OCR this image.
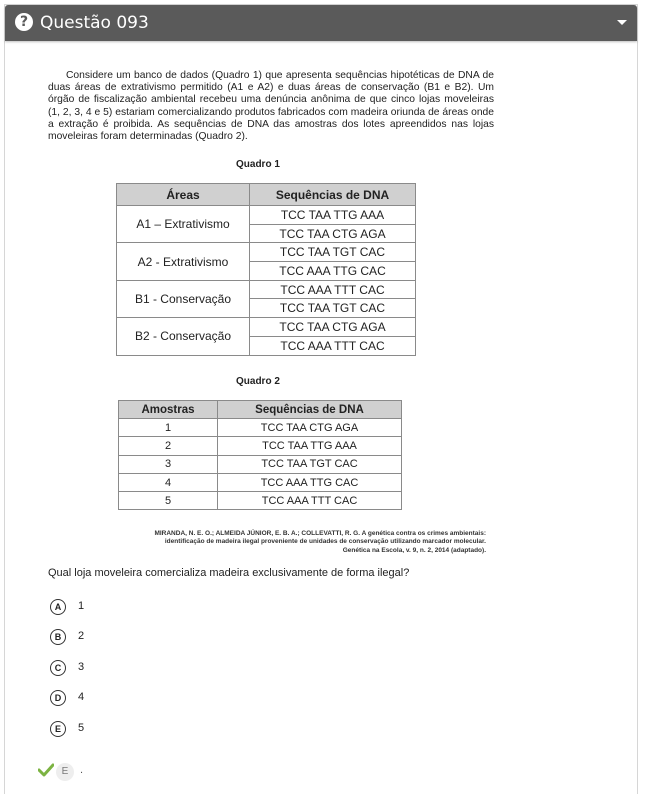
? Questão 093

Considere um banco de dados (Quadro 1) que apresenta sequências hipotéticas de DNA de duas áreas de extrativismo permitido (A1 e A2) e duas áreas de conservação (B1 e B2). Um órgão de fiscalização ambiental recebeu uma denúncia anônima de que cinco lojas moveleiras (1, 2, 3, 4 e 5) estariam comercializando produtos fabricados com madeira oriunda de áreas onde a extração é proibida. As sequências de DNA das amostras dos lotes apreendidos nas lojas moveleiras foram determinadas (Quadro 2).

Quadro 1
Áreas	Sequências de DNA
A1 – Extrativismo	TCC TAA TTG AAA
	TCC TAA CTG AGA
A2 - Extrativismo	TCC TAA TGT CAC
	TCC AAA TTG CAC
B1 - Conservação	TCC AAA TTT CAC
	TCC TAA TGT CAC
B2 - Conservação	TCC TAA CTG AGA
	TCC AAA TTT CAC
Quadro 2
Amostras	Sequências de DNA
1	TCC TAA CTG AGA
2	TCC TAA TTG AAA
3	TCC TAA TGT CAC
4	TCC AAA TTG CAC
5	TCC AAA TTT CAC
MIRANDA, N. E. O.; ALMEIDA JÚNIOR, E. B. A.; COLLEVATTI, R. G. A genética contra os crimes ambientais:
identificação de madeira ilegal proveniente de unidades de conservação utilizando marcador molecular.
Genética na Escola, v. 9, n. 2, 2014 (adaptado).
Qual loja moveleira comercializa madeira exclusivamente de forma ilegal?
A	1
B	2
C	3
D	4
E	5
E	.
